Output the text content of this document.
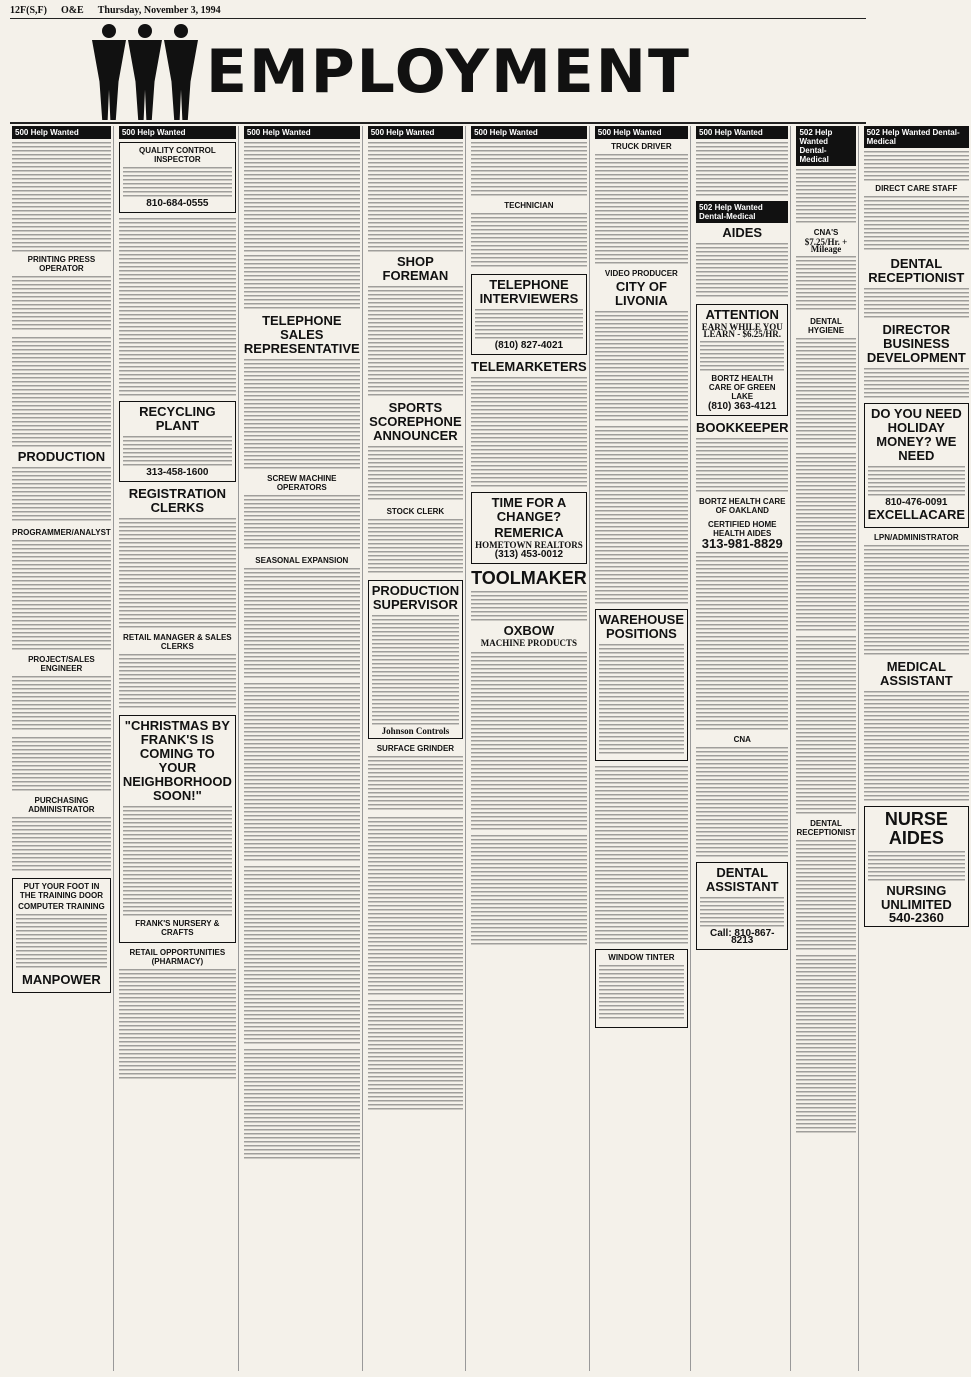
12F(S,F) O&E Thursday, November 3, 1994
EMPLOYMENT
500 Help Wanted
PRINTING PRESS OPERATOR
PRODUCTION
PROGRAMMER/ANALYST
PROJECT/SALES ENGINEER
PURCHASING ADMINISTRATOR
PUT YOUR FOOT IN THE TRAINING DOOR
COMPUTER TRAINING
MANPOWER
500 Help Wanted
QUALITY CONTROL INSPECTOR
810-684-0555
RECYCLING PLANT
313-458-1600
REGISTRATION CLERKS
RETAIL MANAGER & SALES CLERKS
"CHRISTMAS BY FRANK'S IS COMING TO YOUR NEIGHBORHOOD SOON!"
FRANK'S NURSERY & CRAFTS
RETAIL OPPORTUNITIES (PHARMACY)
500 Help Wanted
TELEPHONE SALES REPRESENTATIVE
SCREW MACHINE OPERATORS
SEASONAL EXPANSION
500 Help Wanted
SHOP FOREMAN
SPORTS SCOREPHONE ANNOUNCER
STOCK CLERK
PRODUCTION SUPERVISOR
Johnson Controls
SURFACE GRINDER
500 Help Wanted
TECHNICIAN
TELEPHONE INTERVIEWERS
(810) 827-4021
TELEMARKETERS
TIME FOR A CHANGE?
REMERICA
HOMETOWN REALTORS
(313) 453-0012
TOOLMAKER
OXBOW
MACHINE PRODUCTS
500 Help Wanted
TRUCK DRIVER
VIDEO PRODUCER
CITY OF LIVONIA
WAREHOUSE POSITIONS
WINDOW TINTER
500 Help Wanted
502 Help Wanted Dental-Medical
AIDES
ATTENTION
EARN WHILE YOU LEARN - $6.25/HR.
BORTZ HEALTH CARE OF GREEN LAKE
(810) 363-4121
BOOKKEEPER
BORTZ HEALTH CARE OF OAKLAND
CERTIFIED HOME HEALTH AIDES
313-981-8829
CNA
DENTAL ASSISTANT
Call: 810-867-8213
502 Help Wanted Dental-Medical
CNA'S
$7.25/Hr. + Mileage
DENTAL HYGIENE
DENTAL RECEPTIONIST
502 Help Wanted Dental-Medical
DIRECT CARE STAFF
DENTAL RECEPTIONIST
DIRECTOR BUSINESS DEVELOPMENT
DO YOU NEED HOLIDAY MONEY? WE NEED
810-476-0091
EXCELLACARE
LPN/ADMINISTRATOR
MEDICAL ASSISTANT
NURSE AIDES
NURSING UNLIMITED
540-2360
